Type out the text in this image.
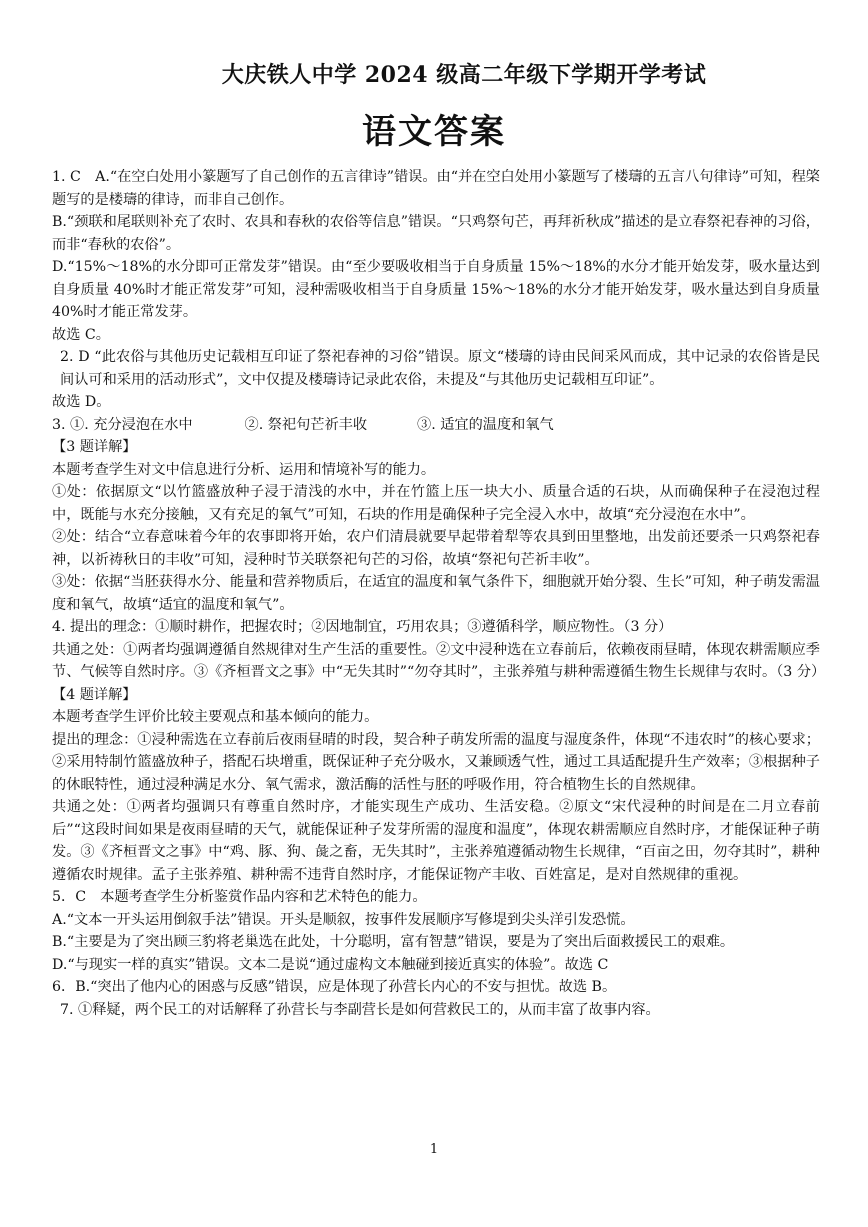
大庆铁人中学 2024 级高二年级下学期开学考试
语文答案

1. C　A.“在空白处用小篆题写了自己创作的五言律诗”错误。由“并在空白处用小篆题写了楼璹的五言八句律诗”可知，程棨题写的是楼璹的律诗，而非自己创作。

B.“颈联和尾联则补充了农时、农具和春秋的农俗等信息”错误。“只鸡祭句芒，再拜祈秋成”描述的是立春祭祀春神的习俗，而非“春秋的农俗”。

D.“15%～18%的水分即可正常发芽”错误。由“至少要吸收相当于自身质量 15%～18%的水分才能开始发芽，吸水量达到自身质量 40%时才能正常发芽”可知，浸种需吸收相当于自身质量 15%～18%的水分才能开始发芽，吸水量达到自身质量 40%时才能正常发芽。

故选 C。

2. D “此农俗与其他历史记载相互印证了祭祀春神的习俗”错误。原文“楼璹的诗由民间采风而成，其中记录的农俗皆是民间认可和采用的活动形式”，文中仅提及楼璹诗记录此农俗，未提及“与其他历史记载相互印证”。

故选 D。

3. ①. 充分浸泡在水中	②. 祭祀句芒祈丰收	③. 适宜的温度和氧气

【3 题详解】

本题考查学生对文中信息进行分析、运用和情境补写的能力。

①处：依据原文“以竹篮盛放种子浸于清浅的水中，并在竹篮上压一块大小、质量合适的石块，从而确保种子在浸泡过程中，既能与水充分接触，又有充足的氧气”可知，石块的作用是确保种子完全浸入水中，故填“充分浸泡在水中”。

②处：结合“立春意味着今年的农事即将开始，农户们清晨就要早起带着犁等农具到田里整地，出发前还要杀一只鸡祭祀春神，以祈祷秋日的丰收”可知，浸种时节关联祭祀句芒的习俗，故填“祭祀句芒祈丰收”。

③处：依据“当胚获得水分、能量和营养物质后，在适宜的温度和氧气条件下，细胞就开始分裂、生长”可知，种子萌发需温度和氧气，故填“适宜的温度和氧气”。

4. 提出的理念：①顺时耕作，把握农时；②因地制宜，巧用农具；③遵循科学，顺应物性。（3 分）

共通之处：①两者均强调遵循自然规律对生产生活的重要性。②文中浸种选在立春前后，依赖夜雨昼晴，体现农耕需顺应季节、气候等自然时序。③《齐桓晋文之事》中“无失其时”“勿夺其时”，主张养殖与耕种需遵循生物生长规律与农时。（3 分）

【4 题详解】

本题考查学生评价比较主要观点和基本倾向的能力。

提出的理念：①浸种需选在立春前后夜雨昼晴的时段，契合种子萌发所需的温度与湿度条件，体现“不违农时”的核心要求；②采用特制竹篮盛放种子，搭配石块增重，既保证种子充分吸水，又兼顾透气性，通过工具适配提升生产效率；③根据种子的休眠特性，通过浸种满足水分、氧气需求，激活酶的活性与胚的呼吸作用，符合植物生长的自然规律。

共通之处：①两者均强调只有尊重自然时序，才能实现生产成功、生活安稳。②原文“宋代浸种的时间是在二月立春前后”“这段时间如果是夜雨昼晴的天气，就能保证种子发芽所需的湿度和温度”，体现农耕需顺应自然时序，才能保证种子萌发。③《齐桓晋文之事》中“鸡、豚、狗、彘之畜，无失其时”，主张养殖遵循动物生长规律，“百亩之田，勿夺其时”，耕种遵循农时规律。孟子主张养殖、耕种需不违背自然时序，才能保证物产丰收、百姓富足，是对自然规律的重视。

5．C　本题考查学生分析鉴赏作品内容和艺术特色的能力。

A.“文本一开头运用倒叙手法”错误。开头是顺叙，按事件发展顺序写修堤到尖头洋引发恐慌。

B.“主要是为了突出顾三豹将老巢选在此处，十分聪明，富有智慧”错误，要是为了突出后面救援民工的艰难。

D.“与现实一样的真实”错误。文本二是说“通过虚构文本触碰到接近真实的体验”。故选 C

6．B.“突出了他内心的困惑与反感”错误，应是体现了孙营长内心的不安与担忧。故选 B。

7. ①释疑，两个民工的对话解释了孙营长与李副营长是如何营救民工的，从而丰富了故事内容。

1
